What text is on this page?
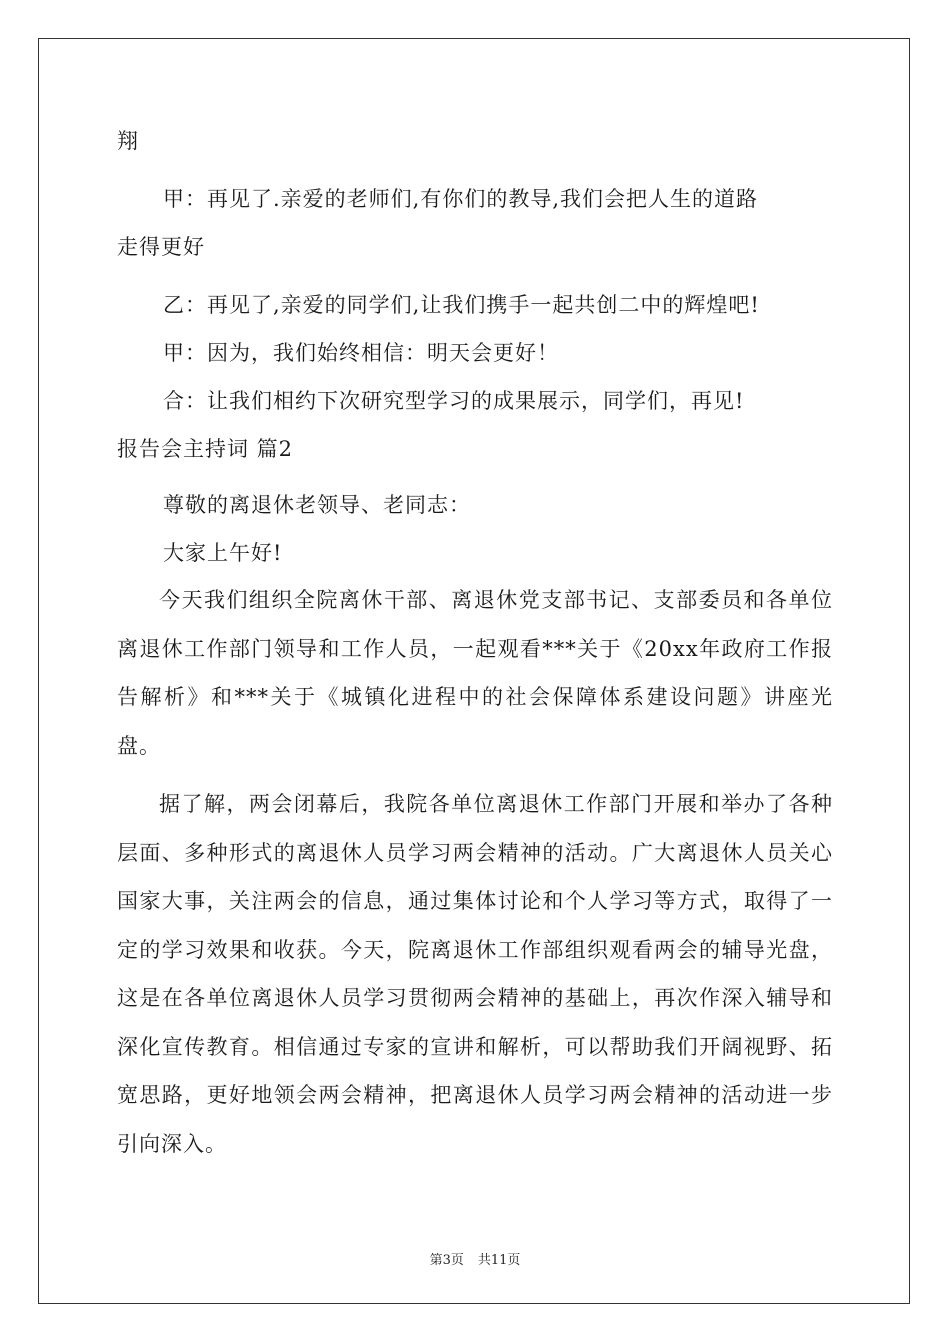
翔
甲：再见了.亲爱的老师们,有你们的教导,我们会把人生的道路
走得更好
乙：再见了,亲爱的同学们,让我们携手一起共创二中的辉煌吧!
甲：因为，我们始终相信：明天会更好！
合：让我们相约下次研究型学习的成果展示，同学们，再见!
报告会主持词 篇2
尊敬的离退休老领导、老同志：
大家上午好!

今天我们组织全院离休干部、离退休党支部书记、支部委员和各单位离退休工作部门领导和工作人员，一起观看***关于《20xx年政府工作报告解析》和***关于《城镇化进程中的社会保障体系建设问题》讲座光盘。

据了解，两会闭幕后，我院各单位离退休工作部门开展和举办了各种层面、多种形式的离退休人员学习两会精神的活动。广大离退休人员关心国家大事，关注两会的信息，通过集体讨论和个人学习等方式，取得了一定的学习效果和收获。今天，院离退休工作部组织观看两会的辅导光盘，这是在各单位离退休人员学习贯彻两会精神的基础上，再次作深入辅导和深化宣传教育。相信通过专家的宣讲和解析，可以帮助我们开阔视野、拓宽思路，更好地领会两会精神，把离退休人员学习两会精神的活动进一步引向深入。

第3页 共11页
